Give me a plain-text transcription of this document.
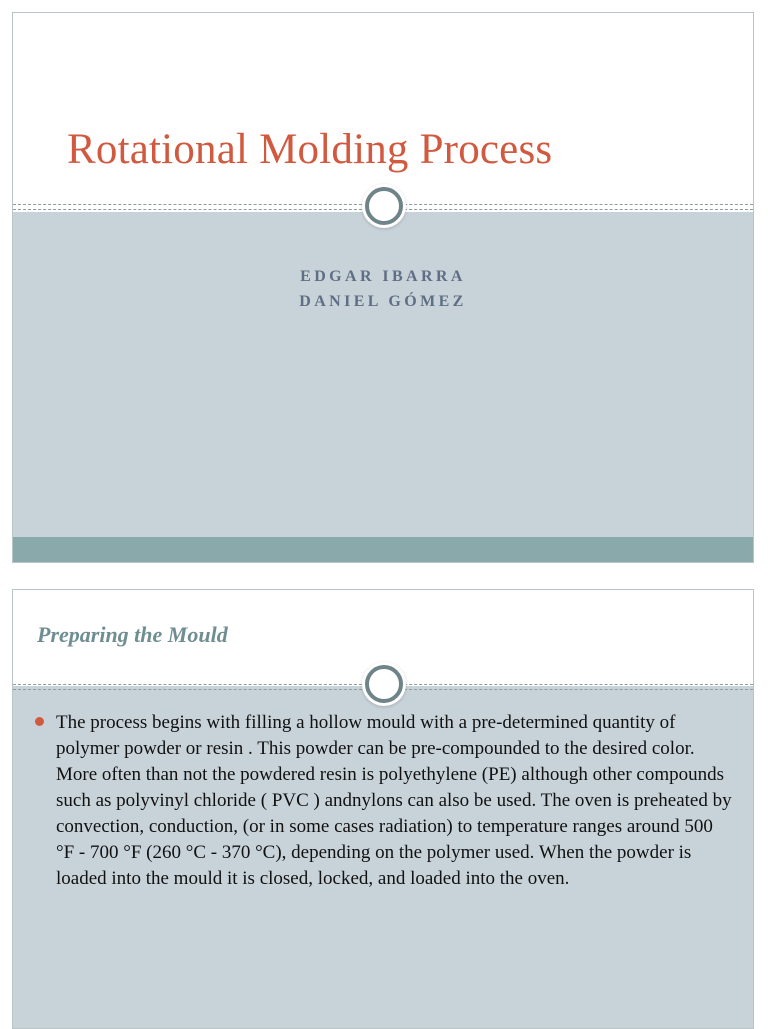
Rotational Molding Process
EDGAR IBARRA
DANIEL GÓMEZ
Preparing the Mould

The process begins with filling a hollow mould with a pre-determined quantity of polymer powder or resin . This powder can be pre-compounded to the desired color. More often than not the powdered resin is polyethylene (PE) although other compounds such as polyvinyl chloride ( PVC ) andnylons can also be used. The oven is preheated by convection, conduction, (or in some cases radiation) to temperature ranges around 500 °F - 700 °F (260 °C - 370 °C), depending on the polymer used. When the powder is loaded into the mould it is closed, locked, and loaded into the oven.
